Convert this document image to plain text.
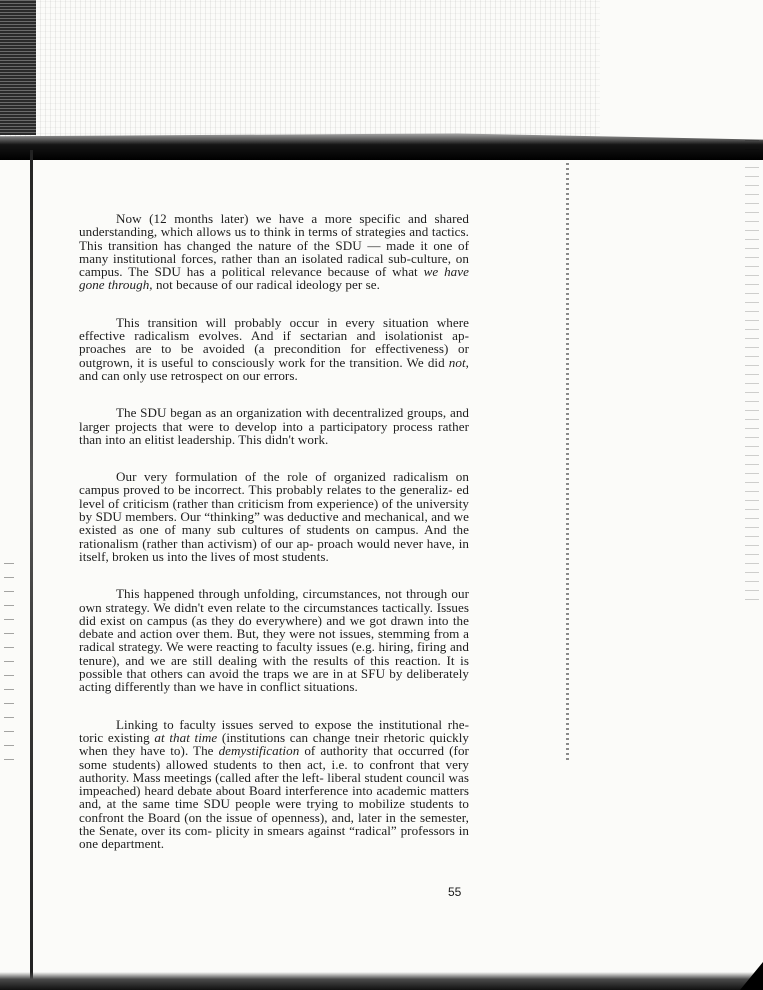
Now (12 months later) we have a more specific and shared understanding, which allows us to think in terms of strategies and tactics. This transition has changed the nature of the SDU — made it one of many institutional forces, rather than an isolated radical sub-culture, on campus. The SDU has a political relevance because of what we have gone through, not because of our radical ideology per se.

This transition will probably occur in every situation where effective radicalism evolves. And if sectarian and isolationist ap- proaches are to be avoided (a precondition for effectiveness) or outgrown, it is useful to consciously work for the transition. We did not, and can only use retrospect on our errors.

The SDU began as an organization with decentralized groups, and larger projects that were to develop into a participatory process rather than into an elitist leadership. This didn't work.

Our very formulation of the role of organized radicalism on campus proved to be incorrect. This probably relates to the generaliz- ed level of criticism (rather than criticism from experience) of the university by SDU members. Our “thinking” was deductive and mechanical, and we existed as one of many sub cultures of students on campus. And the rationalism (rather than activism) of our ap- proach would never have, in itself, broken us into the lives of most students.

This happened through unfolding, circumstances, not through our own strategy. We didn't even relate to the circumstances tactically. Issues did exist on campus (as they do everywhere) and we got drawn into the debate and action over them. But, they were not issues, stemming from a radical strategy. We were reacting to faculty issues (e.g. hiring, firing and tenure), and we are still dealing with the results of this reaction. It is possible that others can avoid the traps we are in at SFU by deliberately acting differently than we have in conflict situations.

Linking to faculty issues served to expose the institutional rhe- toric existing at that time (institutions can change tneir rhetoric quickly when they have to). The demystification of authority that occurred (for some students) allowed students to then act, i.e. to confront that very authority. Mass meetings (called after the left- liberal student council was impeached) heard debate about Board interference into academic matters and, at the same time SDU people were trying to mobilize students to confront the Board (on the issue of openness), and, later in the semester, the Senate, over its com- plicity in smears against “radical” professors in one department.

55
